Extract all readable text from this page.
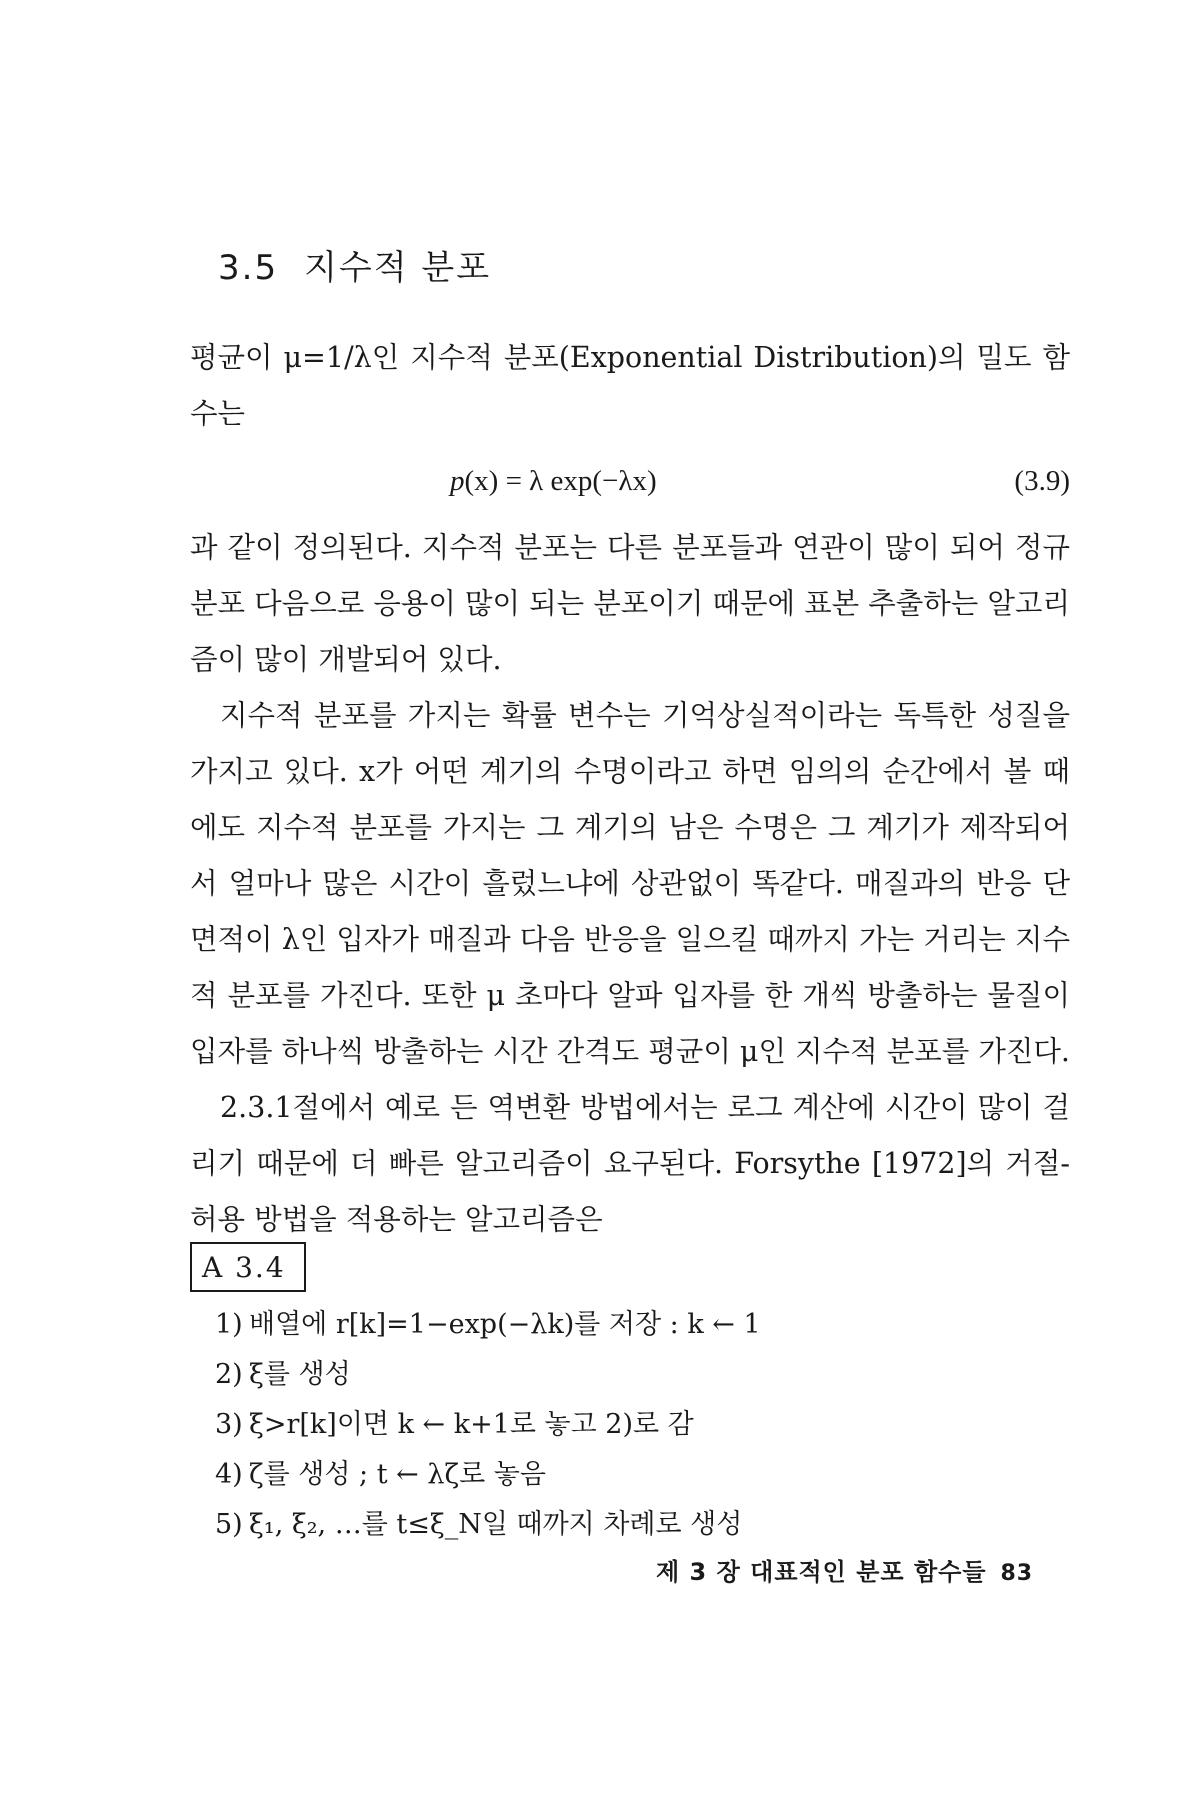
3.5 지수적 분포

평균이 μ=1/λ인 지수적 분포(Exponential Distribution)의 밀도 함수는

p(x) = λ exp(−λx)	(3.9)

과 같이 정의된다. 지수적 분포는 다른 분포들과 연관이 많이 되어 정규 분포 다음으로 응용이 많이 되는 분포이기 때문에 표본 추출하는 알고리즘이 많이 개발되어 있다.

지수적 분포를 가지는 확률 변수는 기억상실적이라는 독특한 성질을 가지고 있다. x가 어떤 계기의 수명이라고 하면 임의의 순간에서 볼 때에도 지수적 분포를 가지는 그 계기의 남은 수명은 그 계기가 제작되어서 얼마나 많은 시간이 흘렀느냐에 상관없이 똑같다. 매질과의 반응 단면적이 λ인 입자가 매질과 다음 반응을 일으킬 때까지 가는 거리는 지수적 분포를 가진다. 또한 μ 초마다 알파 입자를 한 개씩 방출하는 물질이 입자를 하나씩 방출하는 시간 간격도 평균이 μ인 지수적 분포를 가진다.

2.3.1절에서 예로 든 역변환 방법에서는 로그 계산에 시간이 많이 걸리기 때문에 더 빠른 알고리즘이 요구된다. Forsythe [1972]의 거절-허용 방법을 적용하는 알고리즘은

A 3.4
1) 배열에 r[k]=1−exp(−λk)를 저장 : k ← 1
2) ξ를 생성
3) ξ>r[k]이면 k ← k+1로 놓고 2)로 감
4) ζ를 생성 ; t ← λζ로 놓음
5) ξ₁, ξ₂, …를 t≤ξ_N일 때까지 차례로 생성
제 3 장 대표적인 분포 함수들 83
